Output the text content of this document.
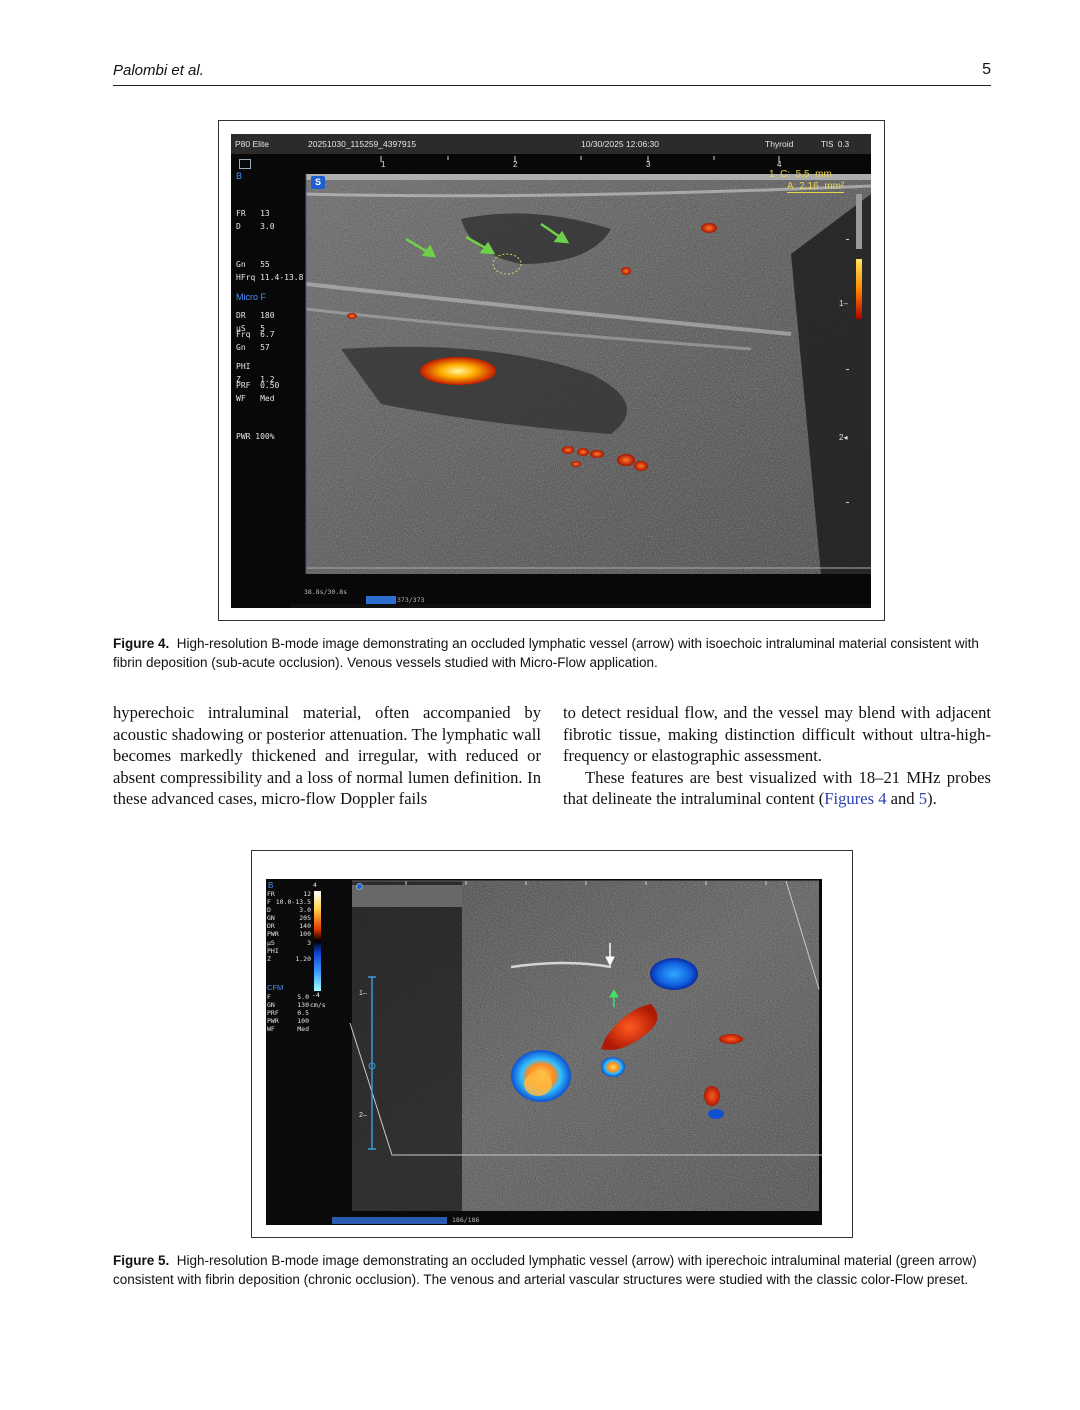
Palombi et al.	5
P80 Elite	20251030_115259_4397915	10/30/2025 12:06:30	Thyroid	TIS  0.3
1	2	3	4
B

FR   13
D    3.0

Gn   55
HFrq 11.4-13.8

DR   180
µS   5

PHI
Z    1.2

Micro F

Frq  6.7
Gn   57

PRF  0.50
WF   Med

PWR 100%

S
1  C:  5.5  mm
A: 2.16  mm²
1–
2◂
38.8s/30.8s
373/373
Figure 4. High-resolution B-mode image demonstrating an occluded lymphatic vessel (arrow) with isoechoic intraluminal material consistent with fibrin deposition (sub-acute occlusion). Venous vessels studied with Micro-Flow application.

hyperechoic intraluminal material, often accompanied by acoustic shadowing or posterior attenuation. The lymphatic wall becomes markedly thickened and irregular, with reduced or absent compressibility and a loss of normal lumen definition. In these advanced cases, micro-flow Doppler fails

to detect residual flow, and the vessel may blend with adjacent fibrotic tissue, making distinction difficult without ultra-high-frequency or elastographic assessment.

These features are best visualized with 18–21 MHz probes that delineate the intraluminal content (Figures 4 and 5).

B
FR	12
F 10.0-13.5
D	3.0
GN	205
DR	140
PWR	100
µS	3
PHI
Z	1.20
CFM
F	5.0
GN	130
PRF	0.5
PWR	100
WF	Med
4
-4
cm/s
1–
2–
186/186
Figure 5. High-resolution B-mode image demonstrating an occluded lymphatic vessel (arrow) with iperechoic intraluminal material (green arrow) consistent with fibrin deposition (chronic occlusion). The venous and arterial vascular structures were studied with the classic color-Flow preset.
